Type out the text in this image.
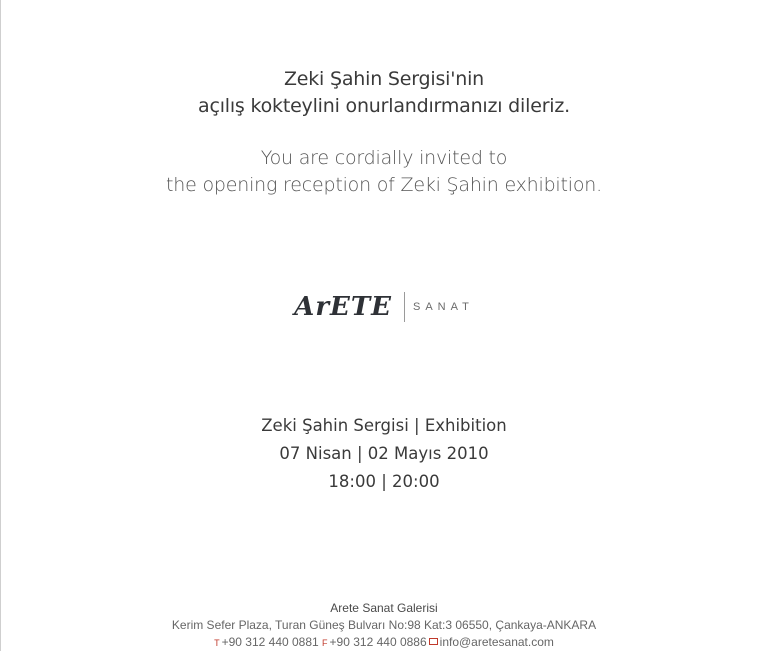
Zeki Şahin Sergisi'nin
açılış kokteylini onurlandırmanızı dileriz.
You are cordially invited to
the opening reception of Zeki Şahin exhibition.
ArETE SANAT
Zeki Şahin Sergisi | Exhibition
07 Nisan | 02 Mayıs 2010
18:00 | 20:00
Arete Sanat Galerisi
Kerim Sefer Plaza, Turan Güneş Bulvarı No:98 Kat:3 06550, Çankaya-ANKARA
T +90 312 440 0881 F +90 312 440 0886 info@aretesanat.com
